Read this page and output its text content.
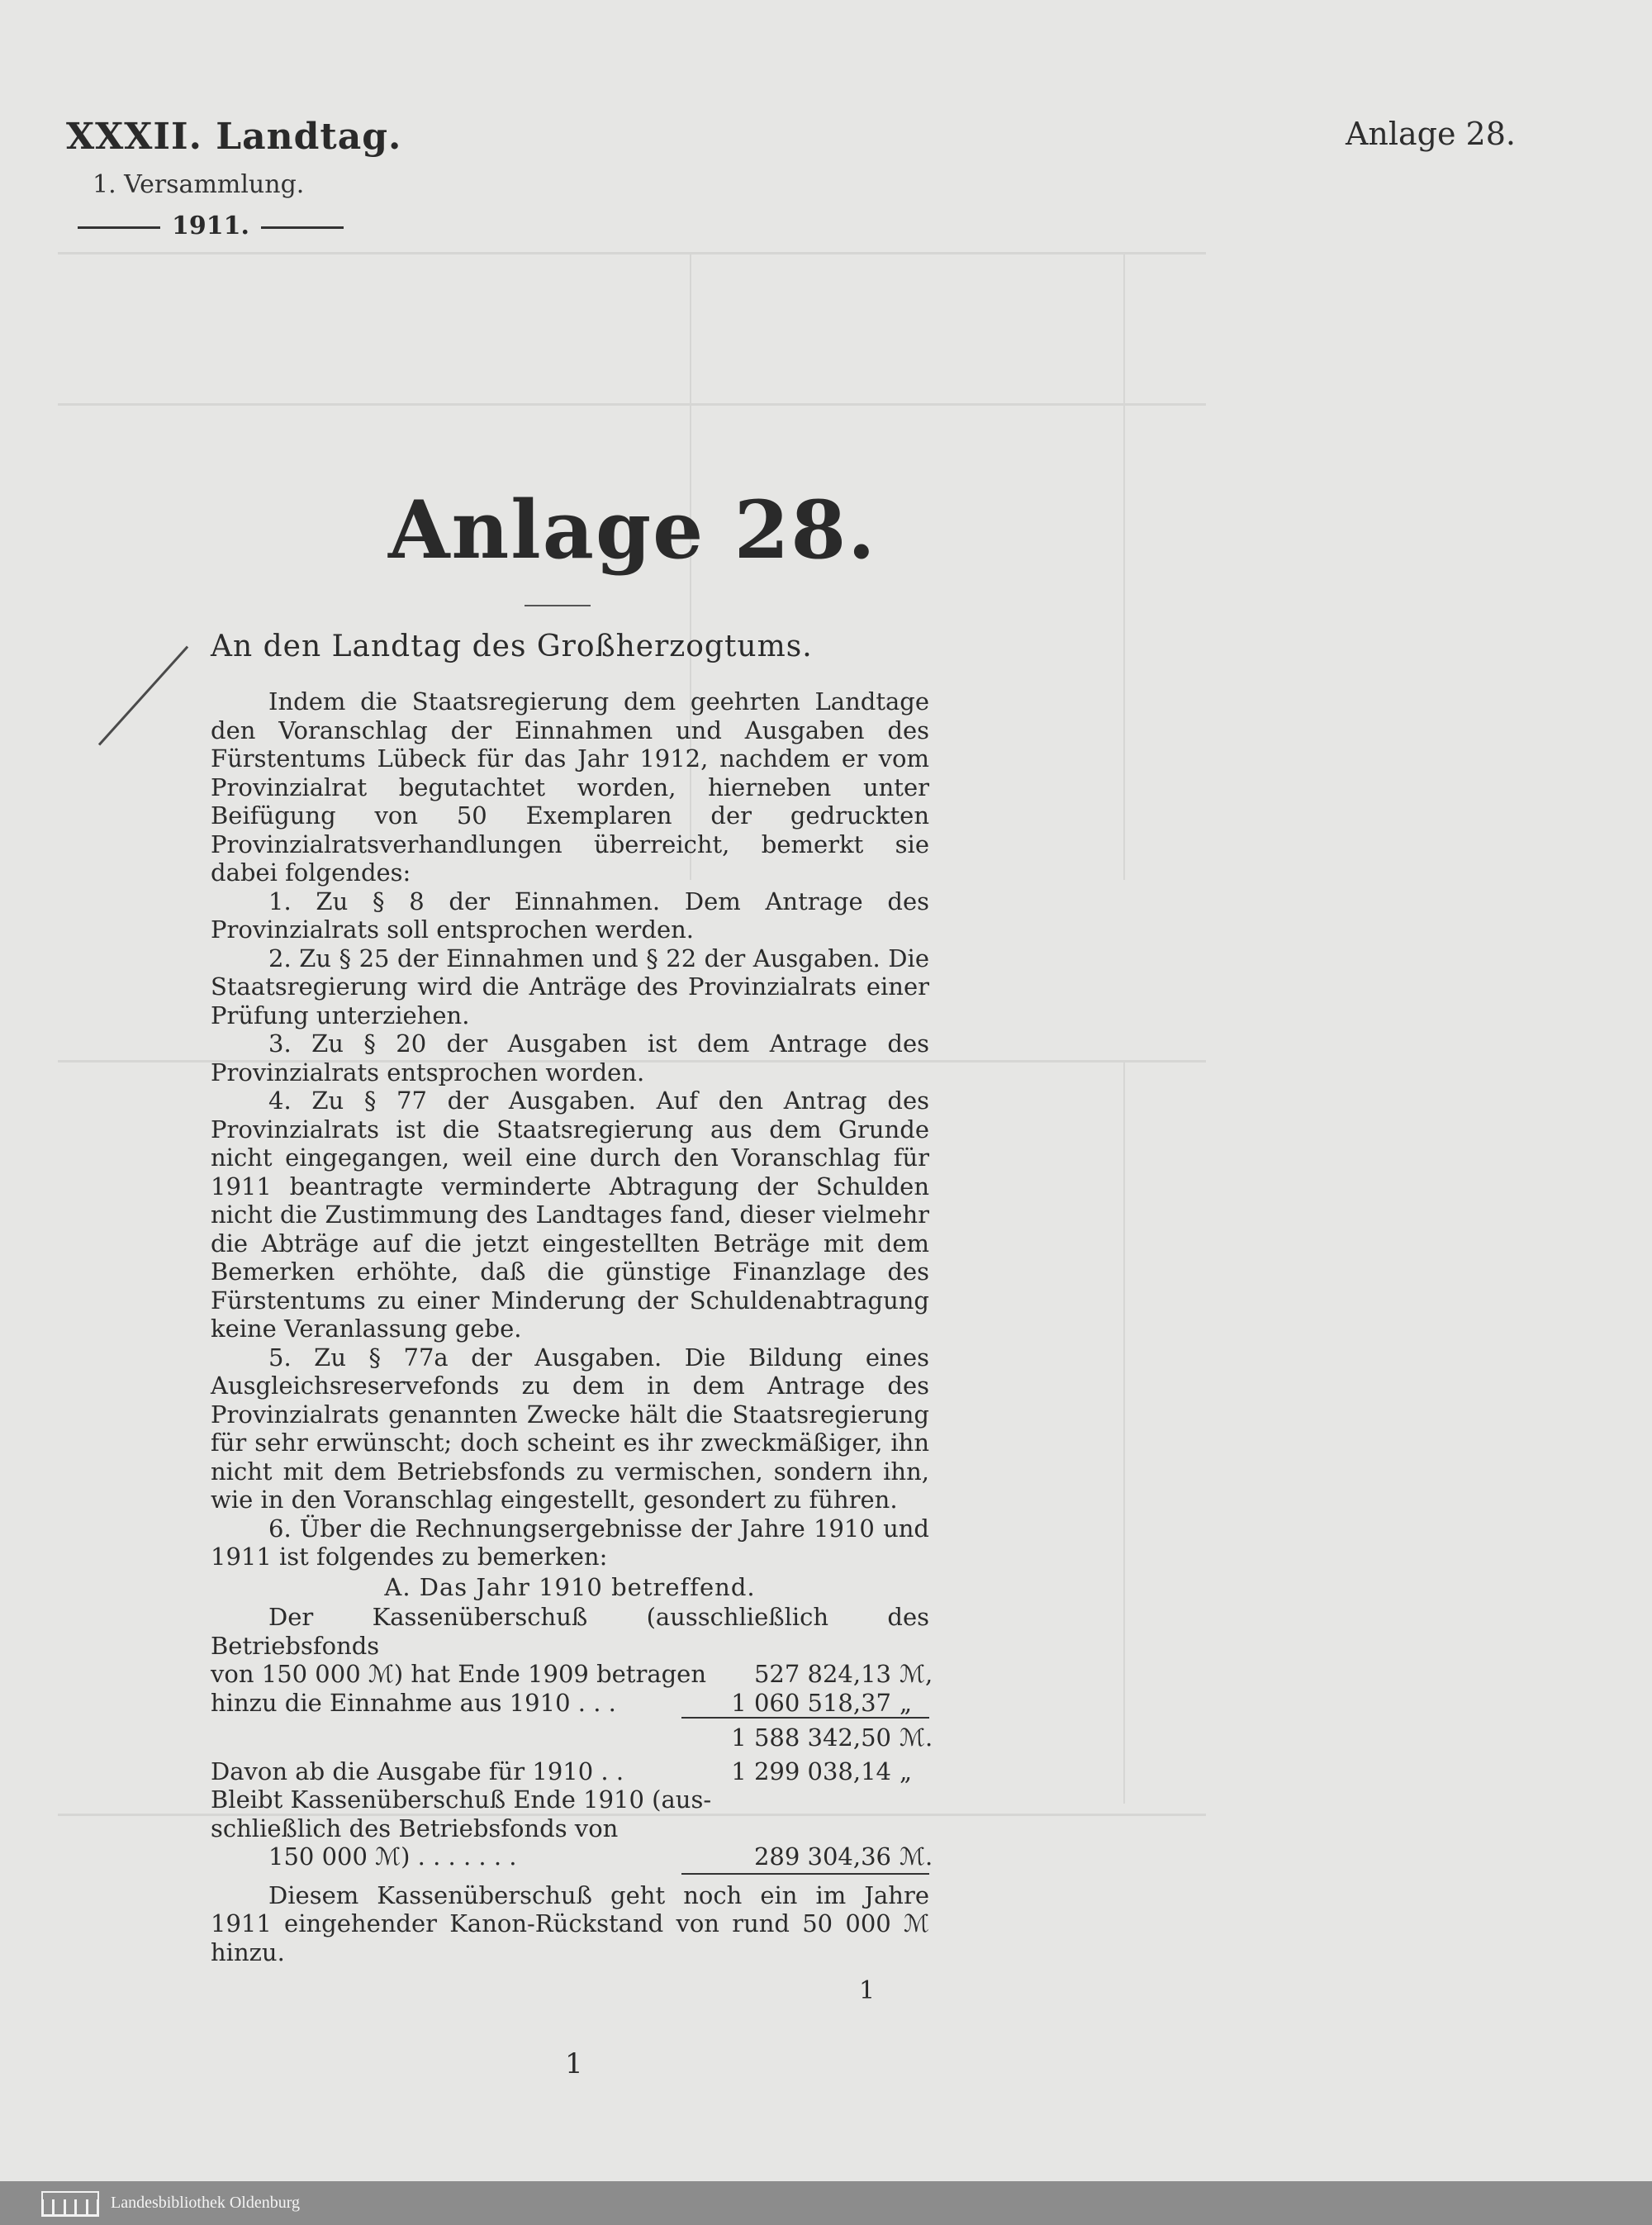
XXXII. Landtag.
1. Versammlung.
1911.
Anlage 28.
Anlage 28.
An den Landtag des Großherzogtums.

Indem die Staatsregierung dem geehrten Landtage den Voranschlag der Einnahmen und Ausgaben des Fürstentums Lübeck für das Jahr 1912, nachdem er vom Provinzialrat begutachtet worden, hierneben unter Beifügung von 50 Exemplaren der gedruckten Provinzialratsverhandlungen überreicht, bemerkt sie dabei folgendes:

1. Zu § 8 der Einnahmen. Dem Antrage des Provinzialrats soll entsprochen werden.

2. Zu § 25 der Einnahmen und § 22 der Ausgaben. Die Staatsregierung wird die Anträge des Provinzialrats einer Prüfung unterziehen.

3. Zu § 20 der Ausgaben ist dem Antrage des Provinzialrats entsprochen worden.

4. Zu § 77 der Ausgaben. Auf den Antrag des Provinzialrats ist die Staatsregierung aus dem Grunde nicht eingegangen, weil eine durch den Voranschlag für 1911 beantragte verminderte Abtragung der Schulden nicht die Zustimmung des Landtages fand, dieser vielmehr die Abträge auf die jetzt eingestellten Beträge mit dem Bemerken erhöhte, daß die günstige Finanzlage des Fürstentums zu einer Minderung der Schuldenabtragung keine Veranlassung gebe.

5. Zu § 77a der Ausgaben. Die Bildung eines Ausgleichsreservefonds zu dem in dem Antrage des Provinzialrats genannten Zwecke hält die Staatsregierung für sehr erwünscht; doch scheint es ihr zweckmäßiger, ihn nicht mit dem Betriebsfonds zu vermischen, sondern ihn, wie in den Voranschlag eingestellt, gesondert zu führen.

6. Über die Rechnungsergebnisse der Jahre 1910 und 1911 ist folgendes zu bemerken:

A. Das Jahr 1910 betreffend.

Der Kassenüberschuß (ausschließlich des Betriebsfonds

von 150 000 ℳ) hat Ende 1909 betragen	527 824,13 ℳ,
hinzu die Einnahme aus 1910 . . .	1 060 518,37 „
1 588 342,50 ℳ.
Davon ab die Ausgabe für 1910 . .	1 299 038,14 „
Bleibt Kassenüberschuß Ende 1910 (aus-
schließlich des Betriebsfonds von
150 000 ℳ) . . . . . . .	289 304,36 ℳ.

Diesem Kassenüberschuß geht noch ein im Jahre 1911 eingehender Kanon-Rückstand von rund 50 000 ℳ hinzu.

1
1
Landesbibliothek Oldenburg
